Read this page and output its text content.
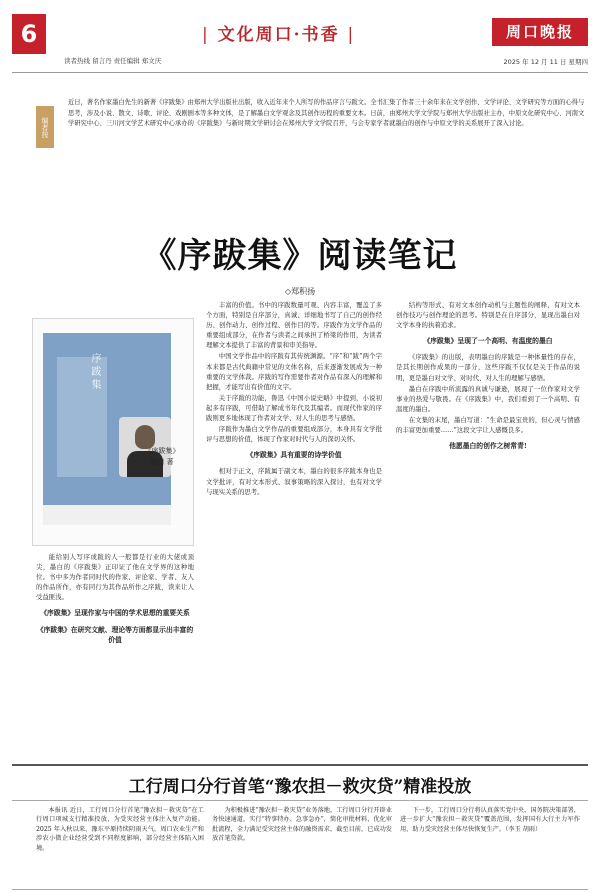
6	| 文化周口·书香 |	周口晚报
读者热线 留言丹 责任编辑 郑文庆	2025 年 12 月 11 日 星期四
编者按
近日，著名作家墨白先生的新著《序跋集》由郑州大学出版社出版，收入近年来个人所写的作品序言与跋文。全书汇集了作者三十余年来在文学创作、文学评论、文学研究等方面的心得与思考，涉及小说、散文、诗歌、评论、戏剧剧本等多种文体，是了解墨白文学观念及其创作历程的重要文本。日前，由郑州大学文学院与郑州大学出版社主办，中原文化研究中心、河南文学研究中心、三川河文学艺术研究中心承办的《序跋集》与新时期文学研讨会在郑州大学文学院召开，与会专家学者就墨白的创作与中原文学的关系展开了深入讨论。
《序跋集》阅读笔记
◇郑积扬
序跋集
《序跋集》
墨白 著

能给别人写序或跋的人一般都是行业的大佬或顶尖，墨白的《序跋集》正印证了他在文学界的这种地位。书中多为作者同时代的作家、评论家、学者、友人的作品所作，亦有同行为其作品所作之序跋，读来让人受益匪浅。

《序跋集》呈现作家与中国的学术思想的重要关系

《序跋集》在研究文献、理论等方面都显示出丰富的价值

丰富的价值。书中的序跋数量可观、内容丰富，覆盖了多个方面，特别是自序部分，真诚、详细地书写了自己的创作经历、创作动力、创作过程、创作目的等。序跋作为文学作品的重要组成部分，在作者与读者之间承担了桥梁的作用，为读者理解文本提供了丰富的背景和审美指导。

中国文学作品中的序跋有其传统渊源。“序”和“跋”两个字本来都是古代典籍中常见的文体名称，后来逐渐发展成为一种重要的文学体裁。序跋的写作需要作者对作品有深入的理解和把握，才能写出有价值的文字。

关于序跋的功能，鲁迅《中国小说史略》中提到，小说初起多有序跋，可借助了解成书年代及其编者。而现代作家的序跋则更多地体现了作者对文学、对人生的思考与感悟。

序跋作为墨白文学作品的重要组成部分，本身具有文学批评与思想的价值，体现了作家对时代与人的深切关怀。

《序跋集》具有重要的诗学价值

相对于正文，序跋属于副文本，墨白的很多序跋本身也是文学批评，有对文本形式、叙事策略的深入探讨，也有对文学与现实关系的思考。

结构等形式、有对文本创作动机与主题性的阐释，有对文本创作技巧与创作理论的思考。特别是在自序部分，显现出墨白对文学本身的执着追求。

《序跋集》呈现了一个高明、有温度的墨白

《序跋集》的出版，表明墨白的序跋是一种体量性的存在，是其长期创作成果的一部分，这些序跋不仅仅是关于作品的说明，更是墨白对文学、对时代、对人生的理解与感悟。

墨白在序跋中所流露的真诚与谦逊，展现了一位作家对文学事业的热爱与敬畏。在《序跋集》中，我们看到了一个高明、有温度的墨白。

在文集的末尾，墨白写道：“生命是最宝贵的，但心灵与情感的丰富更加重要……”这段文字让人感慨良多。

他愿墨白的创作之树常青!

工行周口分行首笔“豫农担－救灾贷”精准投放

本报讯 近日，工行周口分行首笔“豫农担－救灾贷”在工行周口项城支行精准投放，为受灾经营主体注入复产动能。2025 年入秋以来，豫东平原持续阴雨天气，周口农业生产和涉农小微企业经营受到不同程度影响，部分经营主体陷入困境。

为积极推进“豫农担－救灾贷”业务落地，工行周口分行开辟业务快速通道，实行“特事特办、急事急办”，简化审批材料，优化审批流程，全力满足受灾经营主体的融资需求，截至目前，已成功发放首笔贷款。

下一步，工行周口分行将认真落实党中央、国务院决策部署，进一步扩大“豫农担－救灾贷”覆盖范围，发挥国有大行主力军作用，助力受灾经营主体尽快恢复生产。（李玉 胡雨）
